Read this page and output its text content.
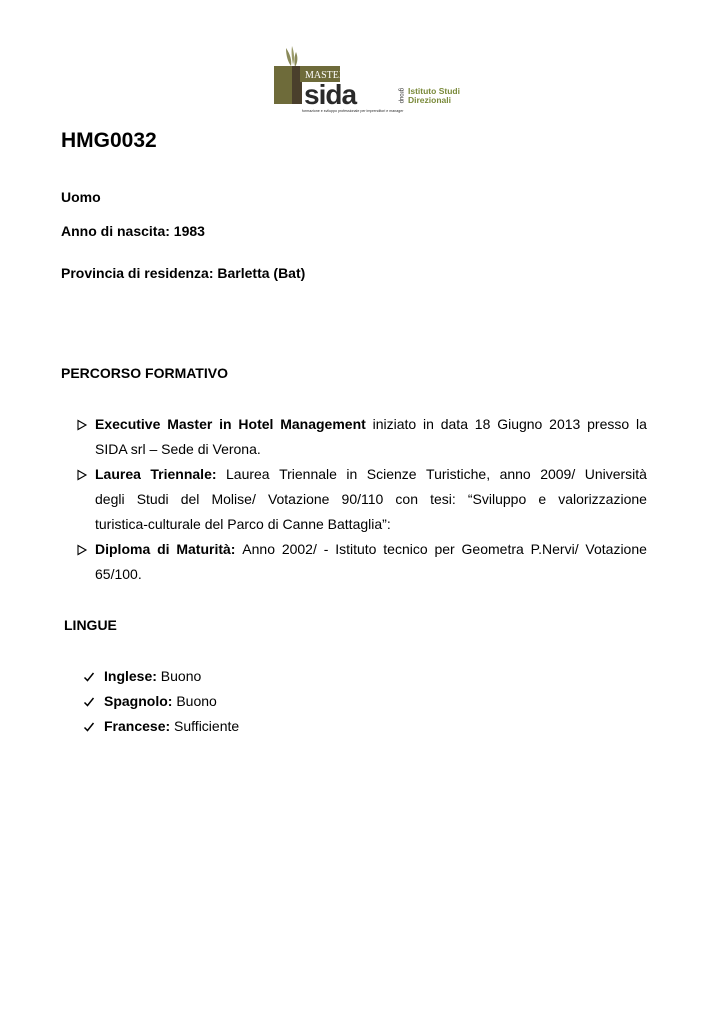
MASTER
sida	group Istituto Studi
Direzionali
formazione e sviluppo professionale per imprenditori e manager
HMG0032

Uomo

Anno di nascita: 1983

Provincia di residenza: Barletta (Bat)

PERCORSO FORMATIVO
Executive Master in Hotel Management iniziato in data 18 Giugno 2013 presso la
SIDA srl – Sede di Verona.
Laurea Triennale: Laurea Triennale in Scienze Turistiche, anno 2009/ Università
degli Studi del Molise/ Votazione 90/110 con tesi: “Sviluppo e valorizzazione
turistica-culturale del Parco di Canne Battaglia”:
Diploma di Maturità: Anno 2002/ - Istituto tecnico per Geometra P.Nervi/ Votazione
65/100.
LINGUE
Inglese: Buono
Spagnolo: Buono
Francese: Sufficiente
